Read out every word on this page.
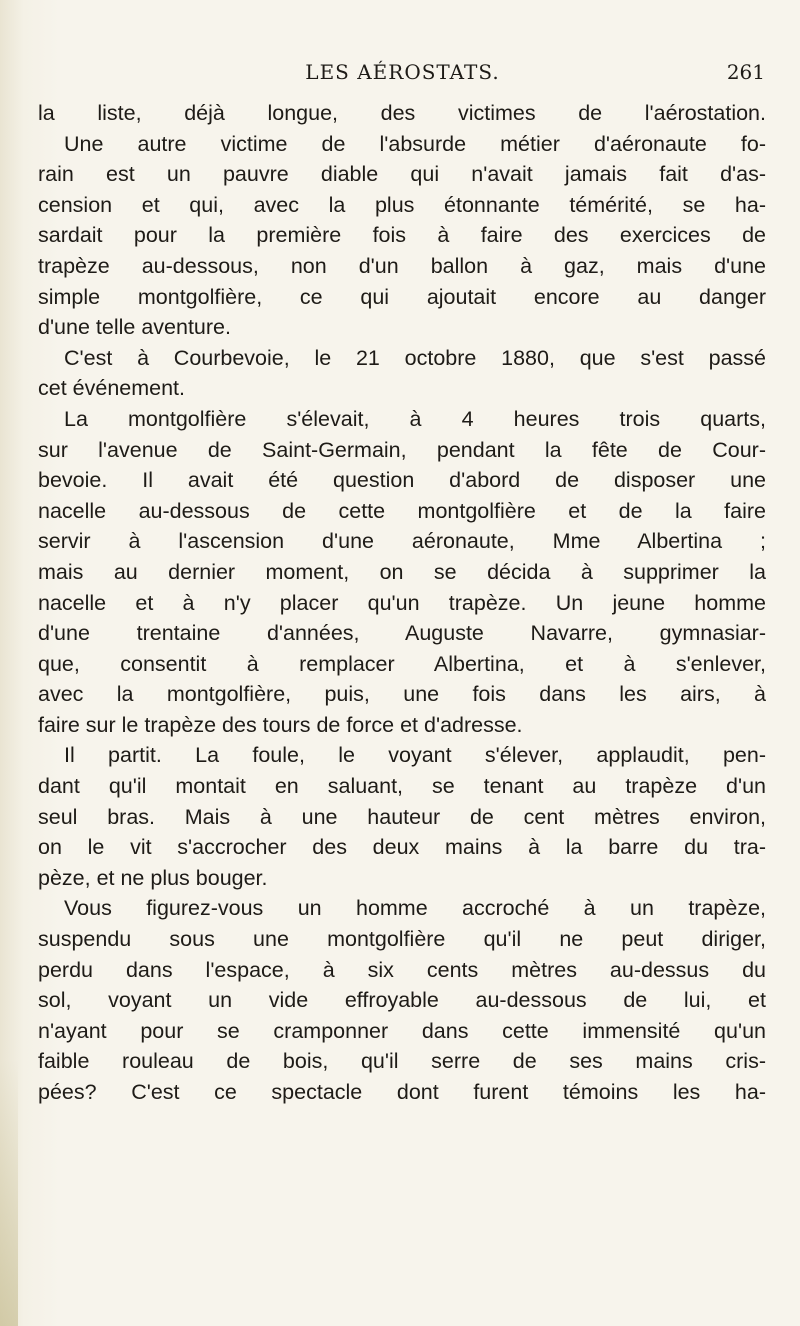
LES AÉROSTATS.	261
la liste, déjà longue, des victimes de l'aérostation.
Une autre victime de l'absurde métier d'aéronaute fo-
rain est un pauvre diable qui n'avait jamais fait d'as-
cension et qui, avec la plus étonnante témérité, se ha-
sardait pour la première fois à faire des exercices de
trapèze au-dessous, non d'un ballon à gaz, mais d'une
simple montgolfière, ce qui ajoutait encore au danger
d'une telle aventure.
C'est à Courbevoie, le 21 octobre 1880, que s'est passé
cet événement.
La montgolfière s'élevait, à 4 heures trois quarts,
sur l'avenue de Saint-Germain, pendant la fête de Cour-
bevoie. Il avait été question d'abord de disposer une
nacelle au-dessous de cette montgolfière et de la faire
servir à l'ascension d'une aéronaute, Mme Albertina ;
mais au dernier moment, on se décida à supprimer la
nacelle et à n'y placer qu'un trapèze. Un jeune homme
d'une trentaine d'années, Auguste Navarre, gymnasiar-
que, consentit à remplacer Albertina, et à s'enlever,
avec la montgolfière, puis, une fois dans les airs, à
faire sur le trapèze des tours de force et d'adresse.
Il partit. La foule, le voyant s'élever, applaudit, pen-
dant qu'il montait en saluant, se tenant au trapèze d'un
seul bras. Mais à une hauteur de cent mètres environ,
on le vit s'accrocher des deux mains à la barre du tra-
pèze, et ne plus bouger.
Vous figurez-vous un homme accroché à un trapèze,
suspendu sous une montgolfière qu'il ne peut diriger,
perdu dans l'espace, à six cents mètres au-dessus du
sol, voyant un vide effroyable au-dessous de lui, et
n'ayant pour se cramponner dans cette immensité qu'un
faible rouleau de bois, qu'il serre de ses mains cris-
pées? C'est ce spectacle dont furent témoins les ha-
